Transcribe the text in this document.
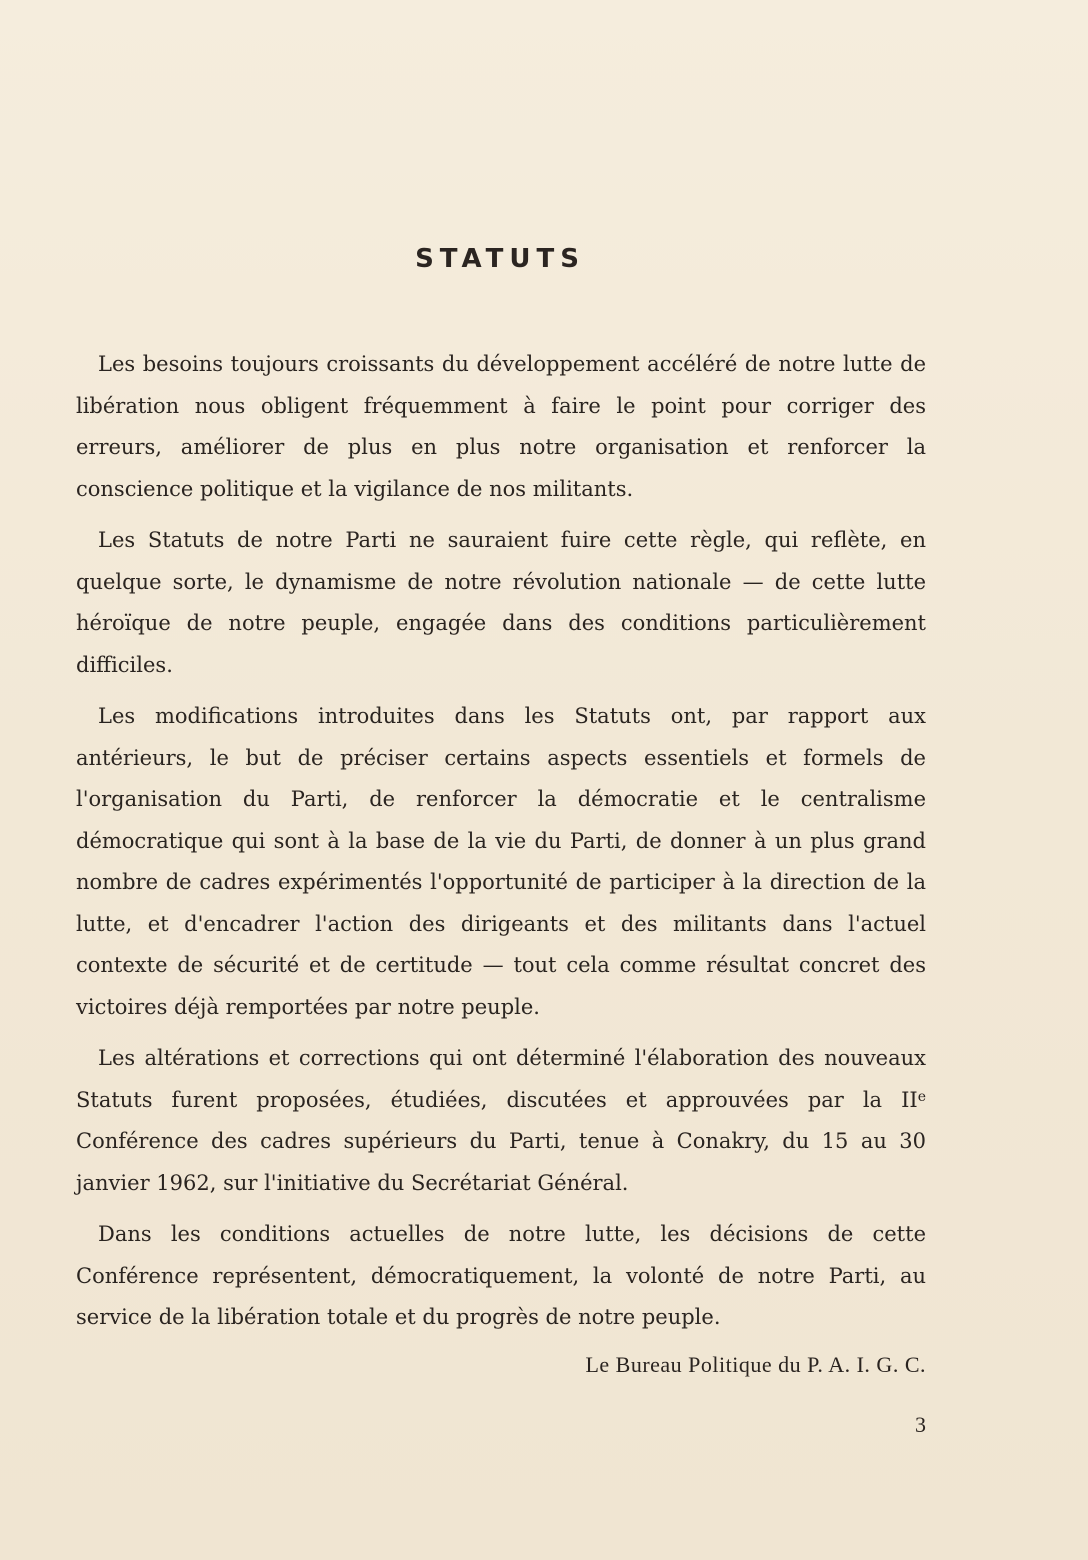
STATUTS

Les besoins toujours croissants du développement accéléré de notre lutte de libération nous obligent fréquemment à faire le point pour corriger des erreurs, améliorer de plus en plus notre organisation et renforcer la conscience politique et la vigilance de nos militants.

Les Statuts de notre Parti ne sauraient fuire cette règle, qui reflète, en quelque sorte, le dynamisme de notre révolution nationale — de cette lutte héroïque de notre peuple, engagée dans des conditions particulièrement difficiles.

Les modifications introduites dans les Statuts ont, par rapport aux antérieurs, le but de préciser certains aspects essentiels et formels de l'organisation du Parti, de renforcer la démocratie et le centralisme démocratique qui sont à la base de la vie du Parti, de donner à un plus grand nombre de cadres expérimentés l'opportunité de participer à la direction de la lutte, et d'encadrer l'action des dirigeants et des militants dans l'actuel contexte de sécurité et de certitude — tout cela comme résultat concret des victoires déjà remportées par notre peuple.

Les altérations et corrections qui ont déterminé l'élaboration des nouveaux Statuts furent proposées, étudiées, discutées et approuvées par la IIe Conférence des cadres supérieurs du Parti, tenue à Conakry, du 15 au 30 janvier 1962, sur l'initiative du Secrétariat Général.

Dans les conditions actuelles de notre lutte, les décisions de cette Conférence représentent, démocratiquement, la volonté de notre Parti, au service de la libération totale et du progrès de notre peuple.

Le Bureau Politique du P. A. I. G. C.
3
